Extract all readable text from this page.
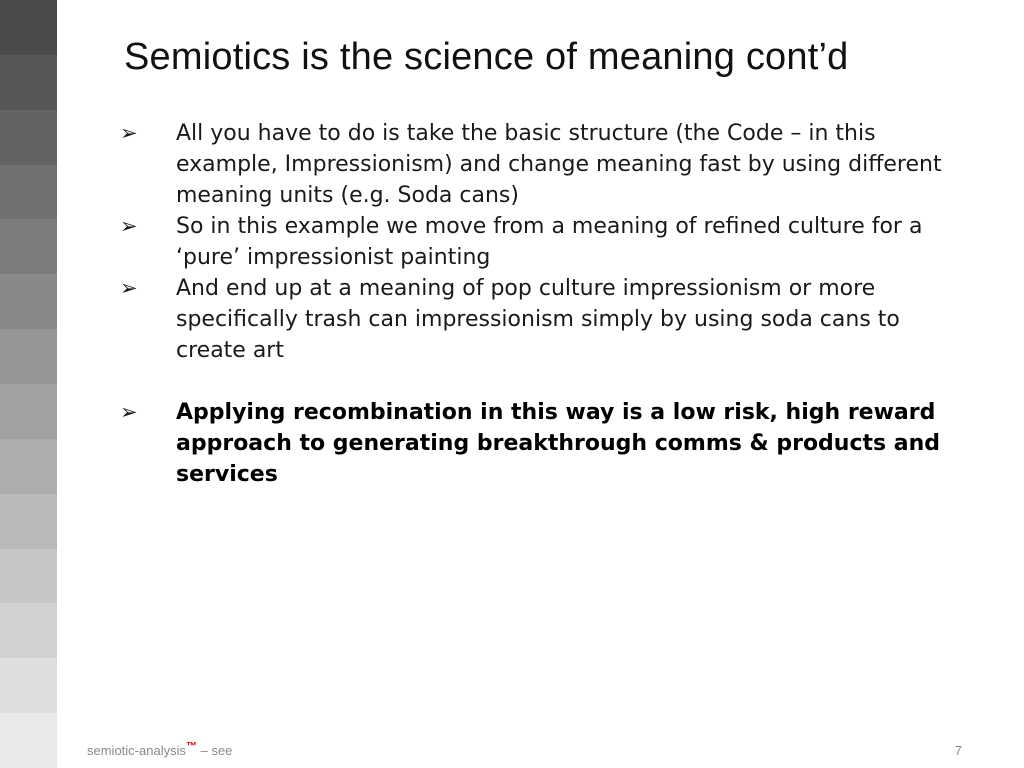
Semiotics is the science of meaning cont’d
➢ All you have to do is take the basic structure (the Code – in this example, Impressionism) and change meaning fast by using different meaning units (e.g. Soda cans)
➢ So in this example we move from a meaning of refined culture for a ‘pure’ impressionist painting
➢ And end up at a meaning of pop culture impressionism or more specifically trash can impressionism simply by using soda cans to create art
➢ Applying recombination in this way is a low risk, high reward approach to generating breakthrough comms & products and services
semiotic-analysis™ – see	7
